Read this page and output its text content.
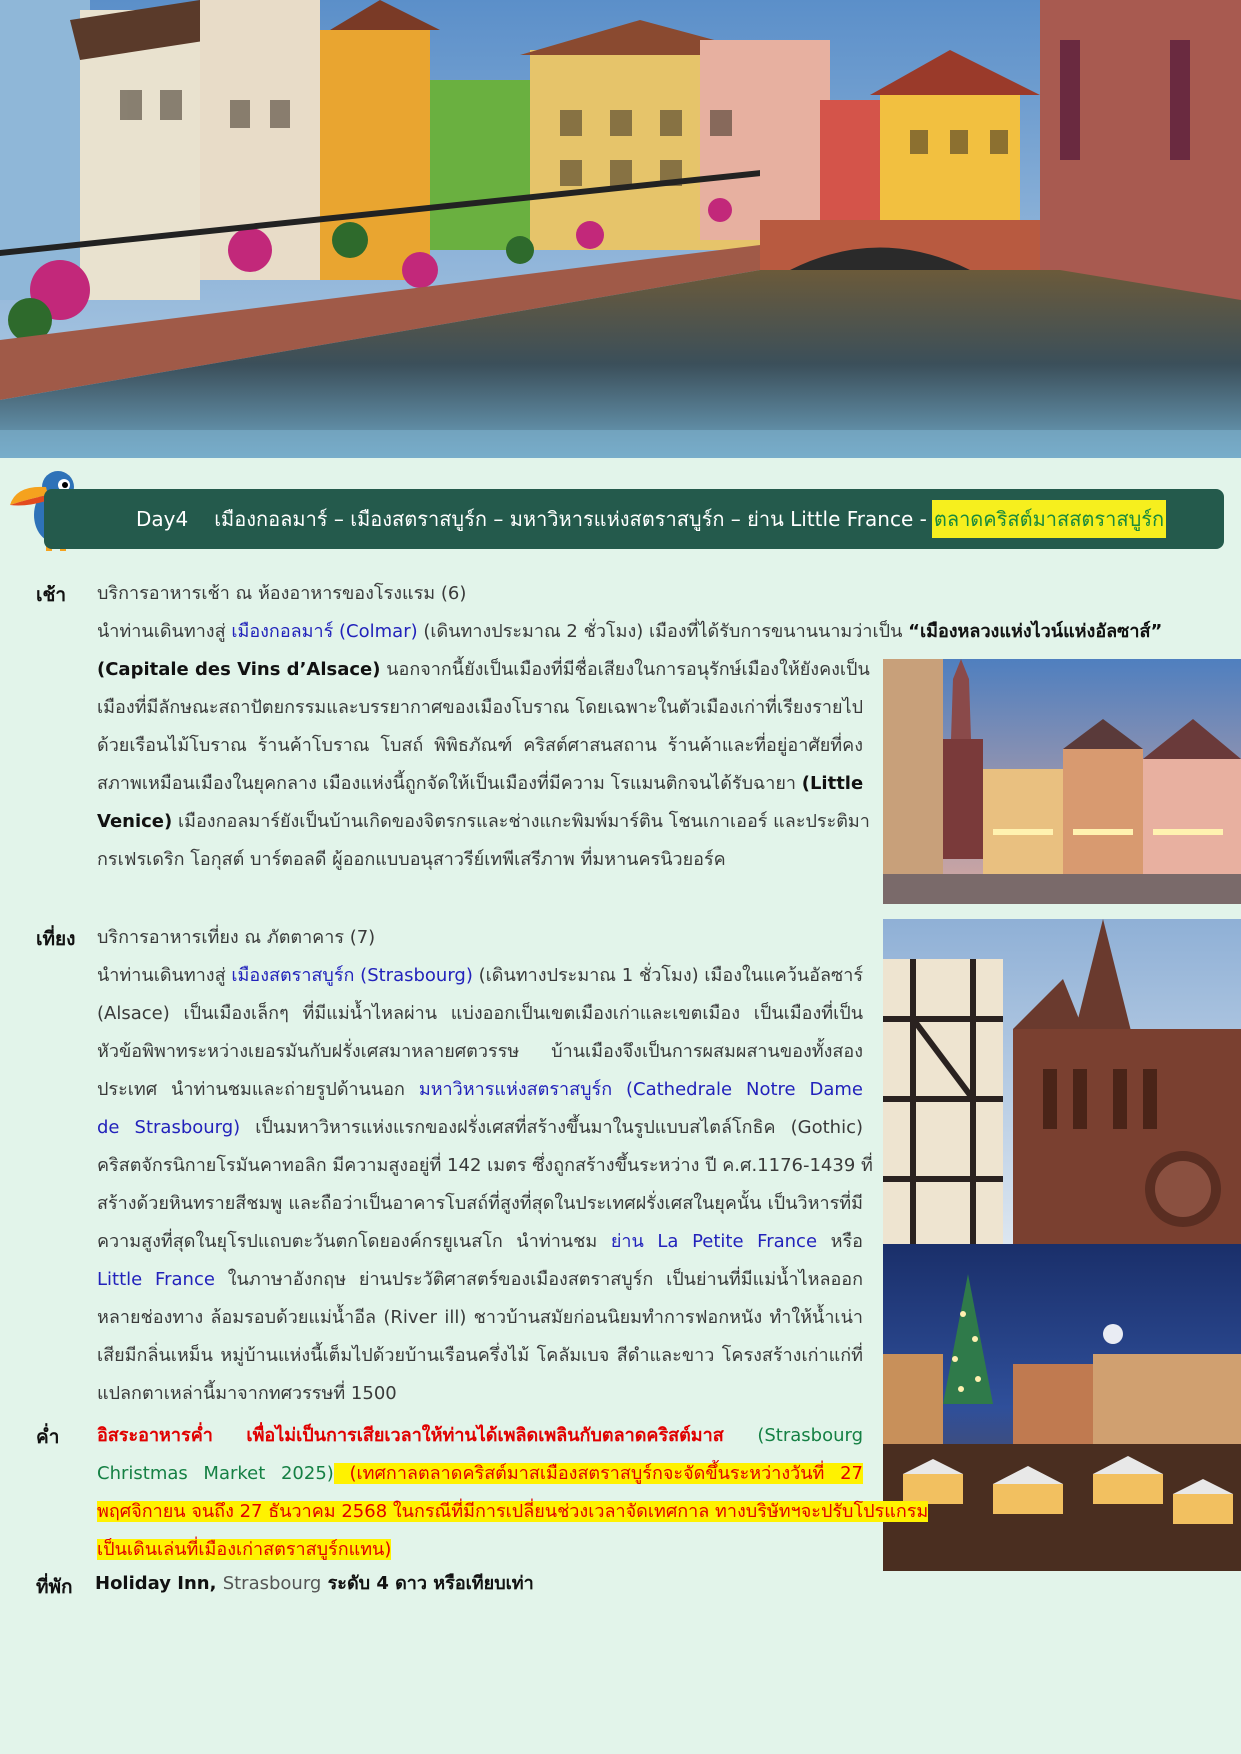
Day4 เมืองกอลมาร์ – เมืองสตราสบูร์ก – มหาวิหารแห่งสตราสบูร์ก – ย่าน Little France - ตลาดคริสต์มาสสตราสบูร์ก
เช้า บริการอาหารเช้า ณ ห้องอาหารของโรงแรม (6)
นำท่านเดินทางสู่ เมืองกอลมาร์ (Colmar) (เดินทางประมาณ 2 ชั่วโมง) เมืองที่ได้รับการขนานนามว่าเป็น “เมืองหลวงแห่งไวน์แห่งอัลซาส์”
(Capitale des Vins d’Alsace) นอกจากนี้ยังเป็นเมืองที่มีชื่อเสียงในการอนุรักษ์เมืองให้ยังคงเป็น
เมืองที่มีลักษณะสถาปัตยกรรมและบรรยากาศของเมืองโบราณ โดยเฉพาะในตัวเมืองเก่าที่เรียงรายไป
ด้วยเรือนไม้โบราณ ร้านค้าโบราณ โบสถ์ พิพิธภัณฑ์ คริสต์ศาสนสถาน ร้านค้าและที่อยู่อาศัยที่คง
สภาพเหมือนเมืองในยุคกลาง เมืองแห่งนี้ถูกจัดให้เป็นเมืองที่มีความ โรแมนติกจนได้รับฉายา (Little
Venice) เมืองกอลมาร์ยังเป็นบ้านเกิดของจิตรกรและช่างแกะพิมพ์มาร์ติน โชนเกาเออร์ และประติมา
กรเฟรเดริก โอกุสต์ บาร์ตอลดี ผู้ออกแบบอนุสาวรีย์เทพีเสรีภาพ ที่มหานครนิวยอร์ค
เที่ยง บริการอาหารเที่ยง ณ ภัตตาคาร (7)
นำท่านเดินทางสู่ เมืองสตราสบูร์ก (Strasbourg) (เดินทางประมาณ 1 ชั่วโมง) เมืองในแคว้นอัลซาร์
(Alsace) เป็นเมืองเล็กๆ ที่มีแม่น้ำไหลผ่าน แบ่งออกเป็นเขตเมืองเก่าและเขตเมือง เป็นเมืองที่เป็น
หัวข้อพิพาทระหว่างเยอรมันกับฝรั่งเศสมาหลายศตวรรษ บ้านเมืองจึงเป็นการผสมผสานของทั้งสอง
ประเทศ นำท่านชมและถ่ายรูปด้านนอก มหาวิหารแห่งสตราสบูร์ก (Cathedrale Notre Dame
de Strasbourg) เป็นมหาวิหารแห่งแรกของฝรั่งเศสที่สร้างขึ้นมาในรูปแบบสไตล์โกธิค (Gothic)
คริสตจักรนิกายโรมันคาทอลิก มีความสูงอยู่ที่ 142 เมตร ซึ่งถูกสร้างขึ้นระหว่าง ปี ค.ศ.1176-1439 ที่
สร้างด้วยหินทรายสีชมพู และถือว่าเป็นอาคารโบสถ์ที่สูงที่สุดในประเทศฝรั่งเศสในยุคนั้น เป็นวิหารที่มี
ความสูงที่สุดในยุโรปแถบตะวันตกโดยองค์กรยูเนสโก นำท่านชม ย่าน La Petite France หรือ
Little France ในภาษาอังกฤษ ย่านประวัติศาสตร์ของเมืองสตราสบูร์ก เป็นย่านที่มีแม่น้ำไหลออก
หลายช่องทาง ล้อมรอบด้วยแม่น้ำอีล (River ill) ชาวบ้านสมัยก่อนนิยมทำการฟอกหนัง ทำให้น้ำเน่า
เสียมีกลิ่นเหม็น หมู่บ้านแห่งนี้เต็มไปด้วยบ้านเรือนครึ่งไม้ โคลัมเบจ สีดำและขาว โครงสร้างเก่าแก่ที่
แปลกตาเหล่านี้มาจากทศวรรษที่ 1500
ค่ำ อิสระอาหารค่ำ เพื่อไม่เป็นการเสียเวลาให้ท่านได้เพลิดเพลินกับตลาดคริสต์มาส (Strasbourg
Christmas Market 2025) (เทศกาลตลาดคริสต์มาสเมืองสตราสบูร์กจะจัดขึ้นระหว่างวันที่ 27
พฤศจิกายน จนถึง 27 ธันวาคม 2568 ในกรณีที่มีการเปลี่ยนช่วงเวลาจัดเทศกาล ทางบริษัทฯจะปรับโปรแกรม
เป็นเดินเล่นที่เมืองเก่าสตราสบูร์กแทน)
ที่พัก Holiday Inn, Strasbourg ระดับ 4 ดาว หรือเทียบเท่า
